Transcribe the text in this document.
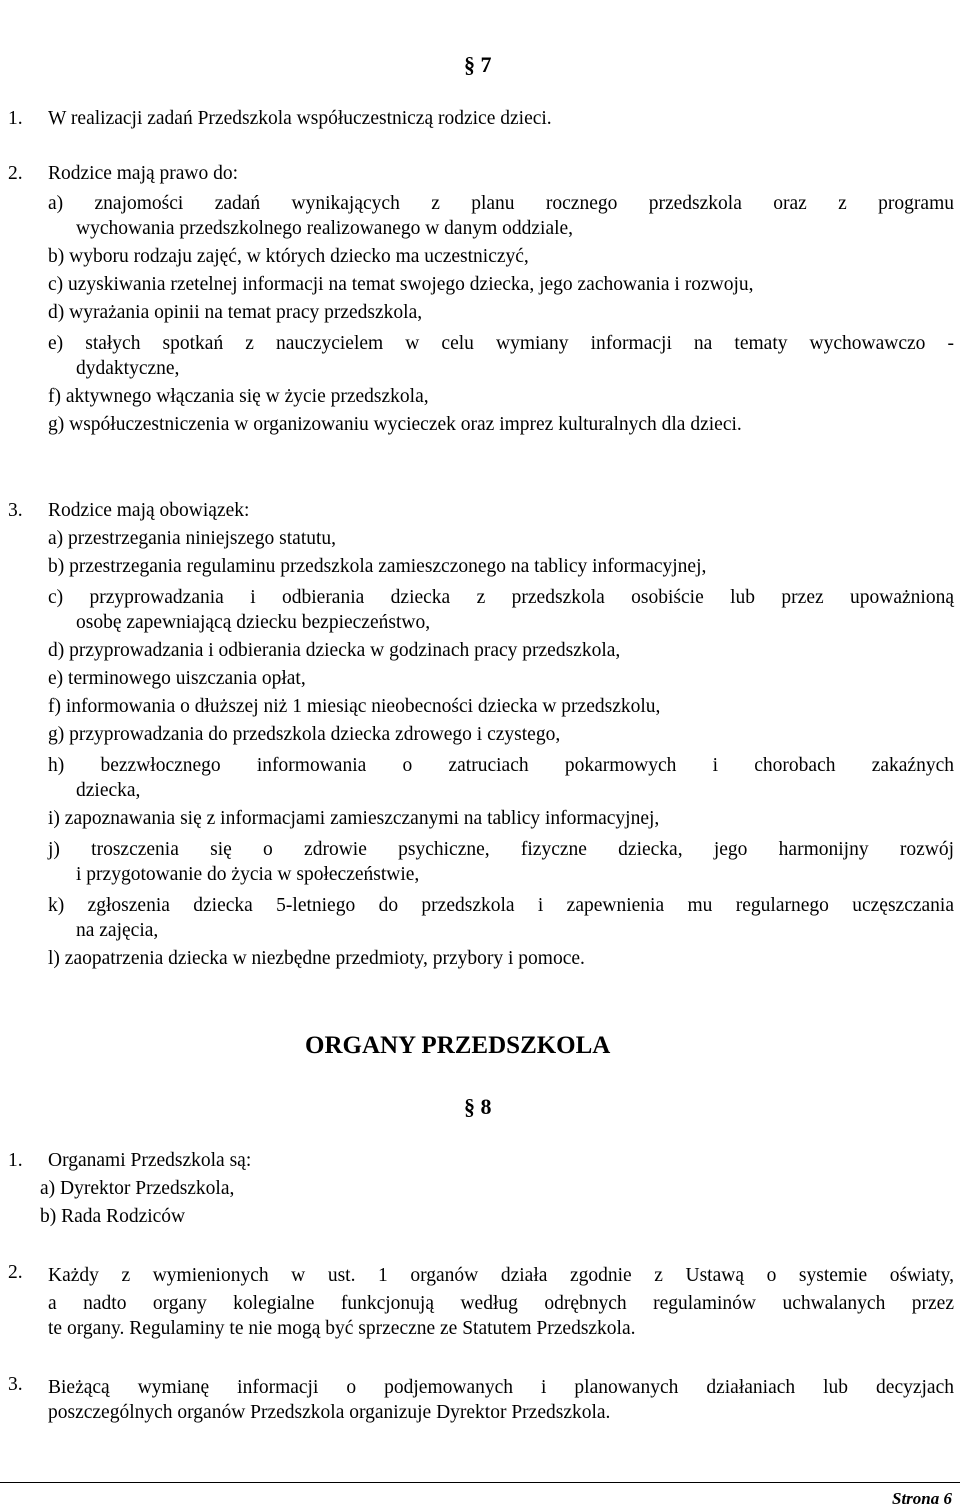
§ 7
1. W realizacji zadań Przedszkola współuczestniczą rodzice dzieci.
2. Rodzice mają prawo do:
a) znajomości zadań wynikających z planu rocznego przedszkola oraz z programu
wychowania przedszkolnego realizowanego w danym oddziale,
b) wyboru rodzaju zajęć, w których dziecko ma uczestniczyć,
c) uzyskiwania rzetelnej informacji na temat swojego dziecka, jego zachowania i rozwoju,
d) wyrażania opinii na temat pracy przedszkola,
e) stałych spotkań z nauczycielem w celu wymiany informacji na tematy wychowawczo -
dydaktyczne,
f) aktywnego włączania się w życie przedszkola,
g) współuczestniczenia w organizowaniu wycieczek oraz imprez kulturalnych dla dzieci.
3. Rodzice mają obowiązek:
a) przestrzegania niniejszego statutu,
b) przestrzegania regulaminu przedszkola zamieszczonego na tablicy informacyjnej,
c) przyprowadzania i odbierania dziecka z przedszkola osobiście lub przez upoważnioną
osobę zapewniającą dziecku bezpieczeństwo,
d) przyprowadzania i odbierania dziecka w godzinach pracy przedszkola,
e) terminowego uiszczania opłat,
f) informowania o dłuższej niż 1 miesiąc nieobecności dziecka w przedszkolu,
g) przyprowadzania do przedszkola dziecka zdrowego i czystego,
h) bezzwłocznego informowania o zatruciach pokarmowych i chorobach zakaźnych
dziecka,
i) zapoznawania się z informacjami zamieszczanymi na tablicy informacyjnej,
j) troszczenia się o zdrowie psychiczne, fizyczne dziecka, jego harmonijny rozwój
i przygotowanie do życia w społeczeństwie,
k) zgłoszenia dziecka 5-letniego do przedszkola i zapewnienia mu regularnego uczęszczania
na zajęcia,
l) zaopatrzenia dziecka w niezbędne przedmioty, przybory i pomoce.
ORGANY PRZEDSZKOLA
§ 8
1. Organami Przedszkola są:
a) Dyrektor Przedszkola,
b) Rada Rodziców
2. Każdy z wymienionych w ust. 1 organów działa zgodnie z Ustawą o systemie oświaty,
a nadto organy kolegialne funkcjonują według odrębnych regulaminów uchwalanych przez
te organy. Regulaminy te nie mogą być sprzeczne ze Statutem Przedszkola.
3. Bieżącą wymianę informacji o podjemowanych i planowanych działaniach lub decyzjach
poszczególnych organów Przedszkola organizuje Dyrektor Przedszkola.
Strona 6
